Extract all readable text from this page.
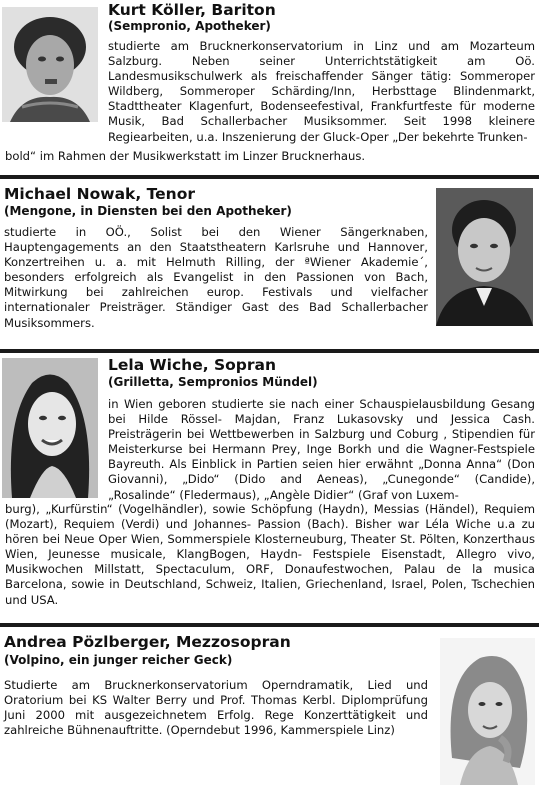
Kurt Köller, Bariton
(Sempronio, Apotheker)
studierte am Brucknerkonservatorium in Linz und am Mozarteum Salzburg. Neben seiner Unterrichtstätigkeit am Oö. Landesmusikschulwerk als freischaffender Sänger tätig: Sommeroper Wildberg, Sommeroper Schärding/Inn, Herbsttage Blindenmarkt, Stadttheater Klagenfurt, Bodenseefestival, Frankfurtfeste für moderne Musik, Bad Schallerbacher Musiksommer. Seit 1998 kleinere Regiearbeiten, u.a. Inszenierung der Gluck-Oper „Der bekehrte Trunken-
bold“ im Rahmen der Musikwerkstatt im Linzer Brucknerhaus.
Michael Nowak, Tenor
(Mengone, in Diensten bei den Apotheker)
studierte in OÖ., Solist bei den Wiener Sängerknaben, Hauptengagements an den Staatstheatern Karlsruhe und Hannover, Konzertreihen u. a. mit Helmuth Rilling, der ªWiener Akademie´, besonders erfolgreich als Evangelist in den Passionen von Bach, Mitwirkung bei zahlreichen europ. Festivals und vielfacher internationaler Preisträger. Ständiger Gast des Bad Schallerbacher Musiksommers.
Lela Wiche, Sopran
(Grilletta, Sempronios Mündel)
in Wien geboren studierte sie nach einer Schauspielausbildung Gesang bei Hilde Rössel- Majdan, Franz Lukasovsky und Jessica Cash. Preisträgerin bei Wettbewerben in Salzburg und Coburg , Stipendien für Meisterkurse bei Hermann Prey, Inge Borkh und die Wagner-Festspiele Bayreuth. Als Einblick in Partien seien hier erwähnt „Donna Anna“ (Don Giovanni), „Dido“ (Dido and Aeneas), „Cunegonde“ (Candide), „Rosalinde“ (Fledermaus), „Angèle Didier“ (Graf von Luxem-
burg), „Kurfürstin“ (Vogelhändler), sowie Schöpfung (Haydn), Messias (Händel), Requiem (Mozart), Requiem (Verdi) und Johannes- Passion (Bach). Bisher war Léla Wiche u.a zu hören bei Neue Oper Wien, Sommerspiele Klosterneuburg, Theater St. Pölten, Konzerthaus Wien, Jeunesse musicale, KlangBogen, Haydn- Festspiele Eisenstadt, Allegro vivo, Musikwochen Millstatt, Spectaculum, ORF, Donaufestwochen, Palau de la musica Barcelona, sowie in Deutschland, Schweiz, Italien, Griechenland, Israel, Polen, Tschechien und USA.
Andrea Pözlberger, Mezzosopran
(Volpino, ein junger reicher Geck)
Studierte am Brucknerkonservatorium Operndramatik, Lied und Oratorium bei KS Walter Berry und Prof. Thomas Kerbl. Diplomprüfung Juni 2000 mit ausgezeichnetem Erfolg. Rege Konzerttätigkeit und zahlreiche Bühnenauftritte. (Operndebut 1996, Kammerspiele Linz)
